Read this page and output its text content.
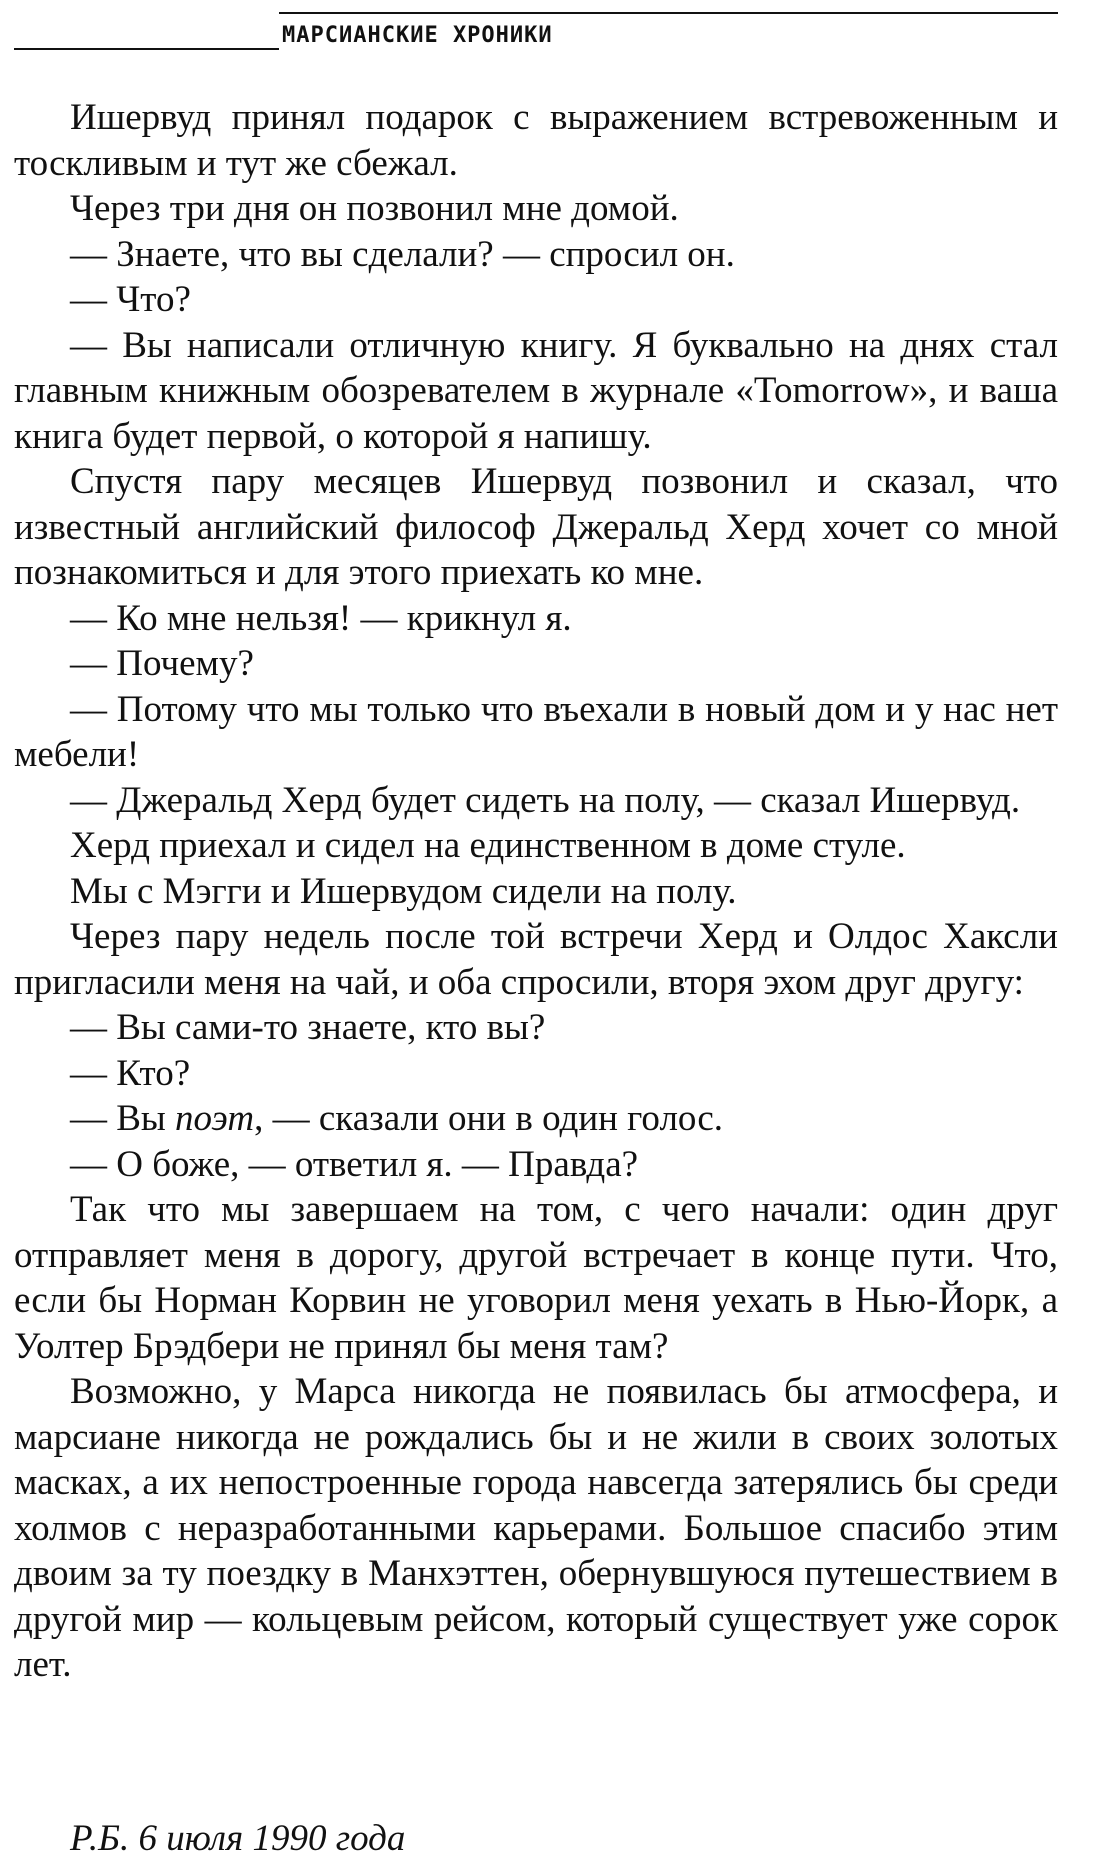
МАРСИАНСКИЕ ХРОНИКИ

Ишервуд принял подарок с выражением встревоженным и тоскливым и тут же сбежал.

Через три дня он позвонил мне домой.

— Знаете, что вы сделали? — спросил он.

— Что?

— Вы написали отличную книгу. Я буквально на днях стал главным книжным обозревателем в журнале «Tomorrow», и ваша книга будет первой, о которой я напишу.

Спустя пару месяцев Ишервуд позвонил и сказал, что известный английский философ Джеральд Херд хочет со мной познакомиться и для этого приехать ко мне.

— Ко мне нельзя! — крикнул я.

— Почему?

— Потому что мы только что въехали в новый дом и у нас нет мебели!

— Джеральд Херд будет сидеть на полу, — сказал Ишервуд.

Херд приехал и сидел на единственном в доме стуле.

Мы с Мэгги и Ишервудом сидели на полу.

Через пару недель после той встречи Херд и Олдос Хаксли пригласили меня на чай, и оба спросили, вторя эхом друг другу:

— Вы сами-то знаете, кто вы?

— Кто?

— Вы поэт, — сказали они в один голос.

— О боже, — ответил я. — Правда?

Так что мы завершаем на том, с чего начали: один друг отправляет меня в дорогу, другой встречает в конце пути. Что, если бы Норман Корвин не уговорил меня уехать в Нью-Йорк, а Уолтер Брэдбери не принял бы меня там?

Возможно, у Марса никогда не появилась бы атмосфера, и марсиане никогда не рождались бы и не жили в своих золотых масках, а их непостроенные города навсегда затерялись бы среди холмов с неразработанными карьерами. Большое спасибо этим двоим за ту поездку в Манхэттен, обернувшуюся путешествием в другой мир — кольцевым рейсом, который существует уже сорок лет.

Р.Б. 6 июля 1990 года
